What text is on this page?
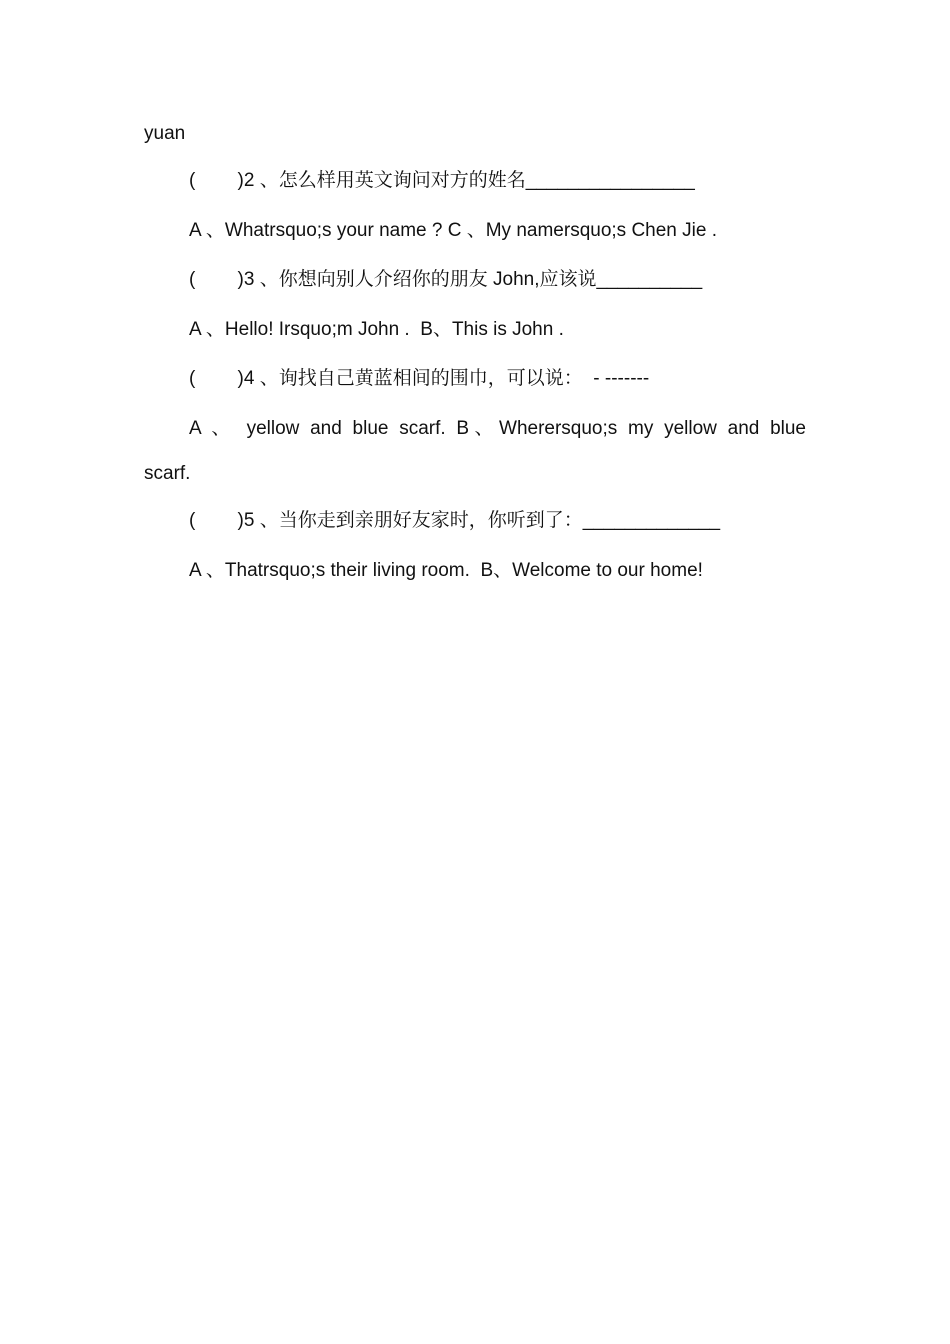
yuan
(        )2 、怎么样用英文询问对方的姓名________________
A 、Whatrsquo;s your name ? C 、My namersquo;s Chen Jie .
(        )3 、你想向别人介绍你的朋友 John,应该说__________
A 、Hello! Irsquo;m John .  B、This is John .
(        )4 、询找自己黄蓝相间的围巾，可以说：  - -------
A 、 yellow and blue scarf. B、Wherersquo;s my yellow and blue
scarf.
(        )5 、当你走到亲朋好友家时，你听到了：_____________
A 、Thatrsquo;s their living room.  B、Welcome to our home!
